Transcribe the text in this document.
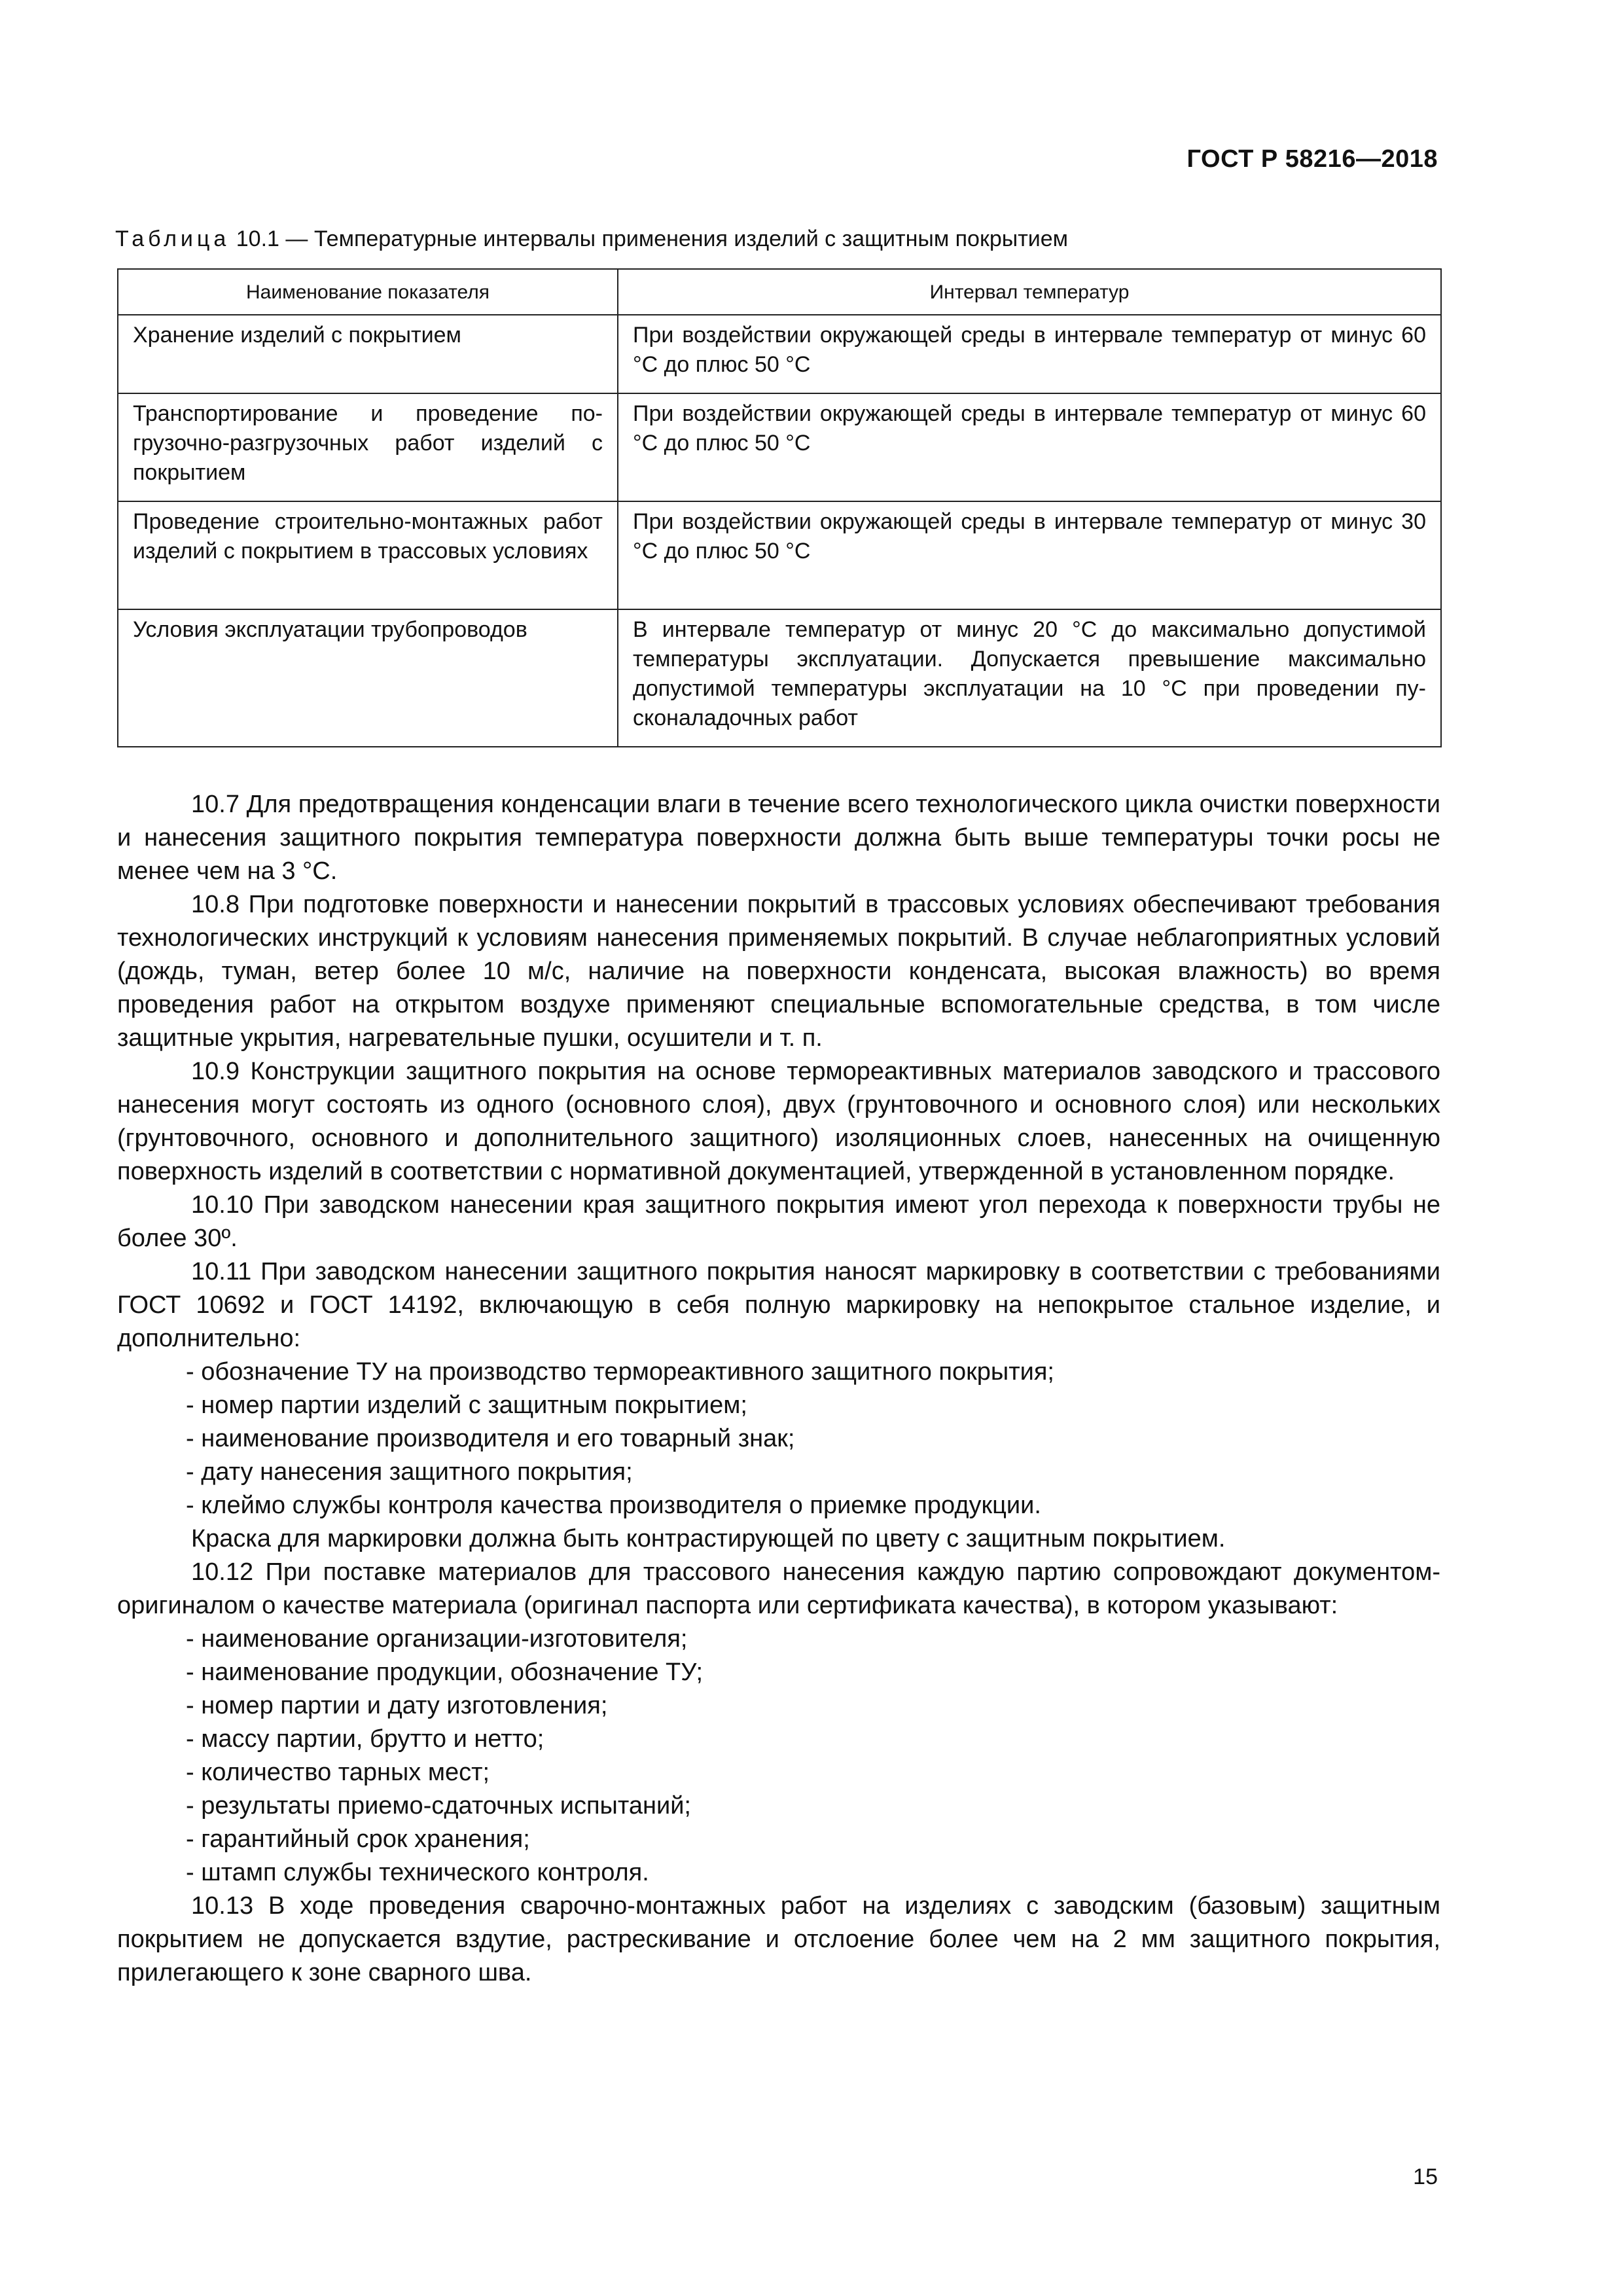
ГОСТ Р 58216—2018
Таблица 10.1 — Температурные интервалы применения изделий с защитным покрытием
Наименование показателя	Интервал температур
Хранение изделий с покрытием	При воздействии окружающей среды в интервале температур от минус 60 °С до плюс 50 °С
Транспортирование и проведение погрузочно-разгрузочных работ изделий с покрытием	При воздействии окружающей среды в интервале температур от минус 60 °С до плюс 50 °С
Проведение строительно-монтажных работ изделий с покрытием в трассовых условиях	При воздействии окружающей среды в интервале температур от минус 30 °С до плюс 50 °С
Условия эксплуатации трубопроводов	В интервале температур от минус 20 °С до максимально допустимой температуры эксплуатации. Допускается превышение максимально допустимой температуры эксплуатации на 10 °С при проведении пусконаладочных работ

10.7 Для предотвращения конденсации влаги в течение всего технологического цикла очистки поверхности и нанесения защитного покрытия температура поверхности должна быть выше температуры точки росы не менее чем на 3 °С.

10.8 При подготовке поверхности и нанесении покрытий в трассовых условиях обеспечивают требования технологических инструкций к условиям нанесения применяемых покрытий. В случае неблагоприятных условий (дождь, туман, ветер более 10 м/с, наличие на поверхности конденсата, высокая влажность) во время проведения работ на открытом воздухе применяют специальные вспомогательные средства, в том числе защитные укрытия, нагревательные пушки, осушители и т. п.

10.9 Конструкции защитного покрытия на основе термореактивных материалов заводского и трассового нанесения могут состоять из одного (основного слоя), двух (грунтовочного и основного слоя) или нескольких (грунтовочного, основного и дополнительного защитного) изоляционных слоев, нанесенных на очищенную поверхность изделий в соответствии с нормативной документацией, утвержденной в установленном порядке.

10.10 При заводском нанесении края защитного покрытия имеют угол перехода к поверхности трубы не более 30º.

10.11 При заводском нанесении защитного покрытия наносят маркировку в соответствии с требованиями ГОСТ 10692 и ГОСТ 14192, включающую в себя полную маркировку на непокрытое стальное изделие, и дополнительно:

- обозначение ТУ на производство термореактивного защитного покрытия;
- номер партии изделий с защитным покрытием;
- наименование производителя и его товарный знак;
- дату нанесения защитного покрытия;
- клеймо службы контроля качества производителя о приемке продукции.

Краска для маркировки должна быть контрастирующей по цвету с защитным покрытием.

10.12 При поставке материалов для трассового нанесения каждую партию сопровождают документом-оригиналом о качестве материала (оригинал паспорта или сертификата качества), в котором указывают:

- наименование организации-изготовителя;
- наименование продукции, обозначение ТУ;
- номер партии и дату изготовления;
- массу партии, брутто и нетто;
- количество тарных мест;
- результаты приемо-сдаточных испытаний;
- гарантийный срок хранения;
- штамп службы технического контроля.

10.13 В ходе проведения сварочно-монтажных работ на изделиях с заводским (базовым) защитным покрытием не допускается вздутие, растрескивание и отслоение более чем на 2 мм защитного покрытия, прилегающего к зоне сварного шва.

15
